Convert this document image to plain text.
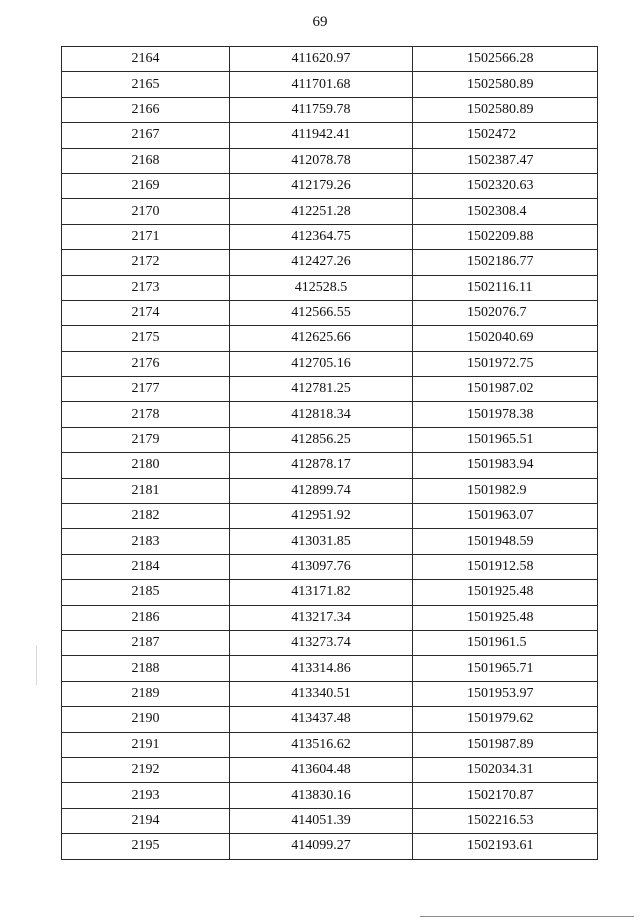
69
2164	411620.97	1502566.28
2165	411701.68	1502580.89
2166	411759.78	1502580.89
2167	411942.41	1502472
2168	412078.78	1502387.47
2169	412179.26	1502320.63
2170	412251.28	1502308.4
2171	412364.75	1502209.88
2172	412427.26	1502186.77
2173	412528.5	1502116.11
2174	412566.55	1502076.7
2175	412625.66	1502040.69
2176	412705.16	1501972.75
2177	412781.25	1501987.02
2178	412818.34	1501978.38
2179	412856.25	1501965.51
2180	412878.17	1501983.94
2181	412899.74	1501982.9
2182	412951.92	1501963.07
2183	413031.85	1501948.59
2184	413097.76	1501912.58
2185	413171.82	1501925.48
2186	413217.34	1501925.48
2187	413273.74	1501961.5
2188	413314.86	1501965.71
2189	413340.51	1501953.97
2190	413437.48	1501979.62
2191	413516.62	1501987.89
2192	413604.48	1502034.31
2193	413830.16	1502170.87
2194	414051.39	1502216.53
2195	414099.27	1502193.61
